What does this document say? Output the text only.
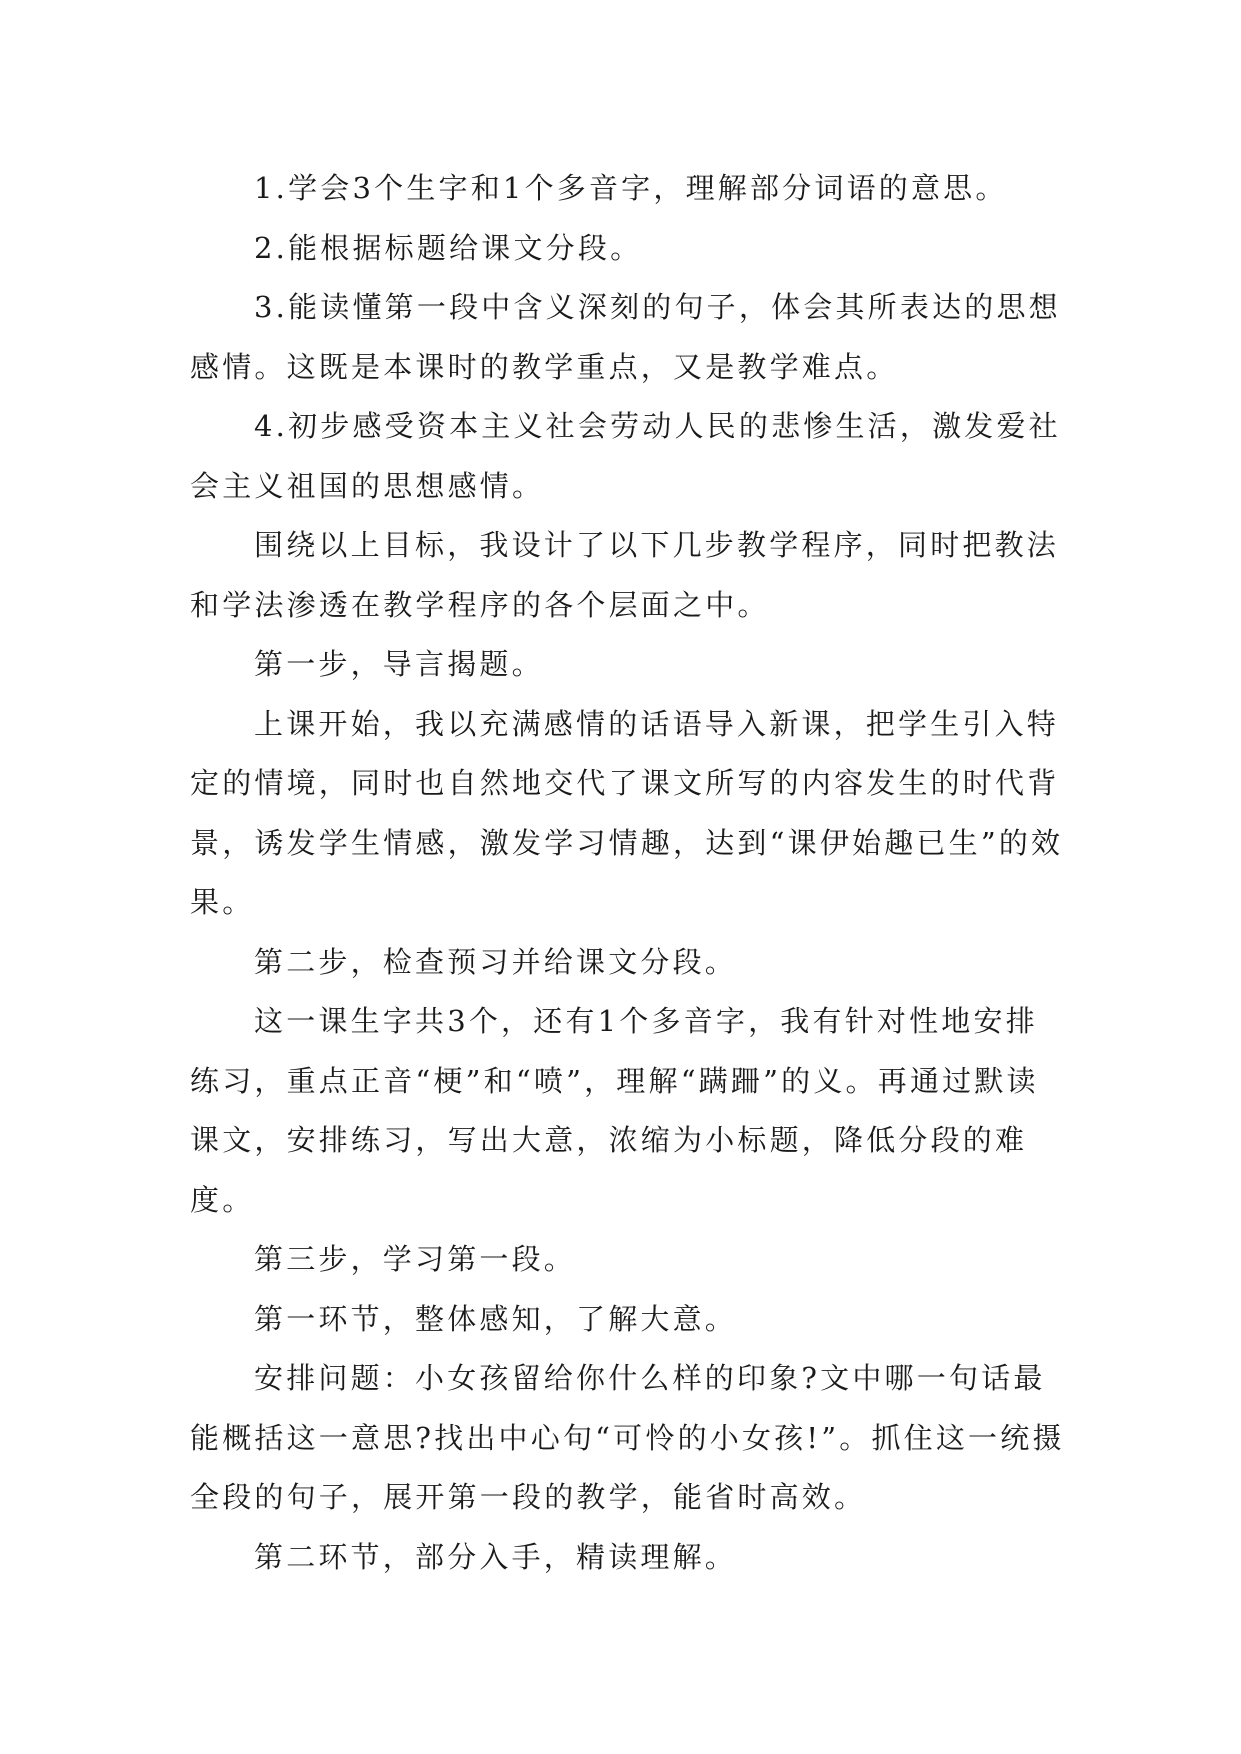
1.学会3个生字和1个多音字，理解部分词语的意思。

2.能根据标题给课文分段。

3.能读懂第一段中含义深刻的句子，体会其所表达的思想感情。这既是本课时的教学重点，又是教学难点。

4.初步感受资本主义社会劳动人民的悲惨生活，激发爱社会主义祖国的思想感情。

围绕以上目标，我设计了以下几步教学程序，同时把教法和学法渗透在教学程序的各个层面之中。

第一步，导言揭题。

上课开始，我以充满感情的话语导入新课，把学生引入特定的情境，同时也自然地交代了课文所写的内容发生的时代背景，诱发学生情感，激发学习情趣，达到“课伊始趣已生”的效果。

第二步，检查预习并给课文分段。

这一课生字共3个，还有1个多音字，我有针对性地安排练习，重点正音“梗”和“喷”，理解“蹒跚”的义。再通过默读课文，安排练习，写出大意，浓缩为小标题，降低分段的难度。

第三步，学习第一段。

第一环节，整体感知，了解大意。

安排问题：小女孩留给你什么样的印象?文中哪一句话最能概括这一意思?找出中心句“可怜的小女孩!”。抓住这一统摄全段的句子，展开第一段的教学，能省时高效。

第二环节，部分入手，精读理解。
